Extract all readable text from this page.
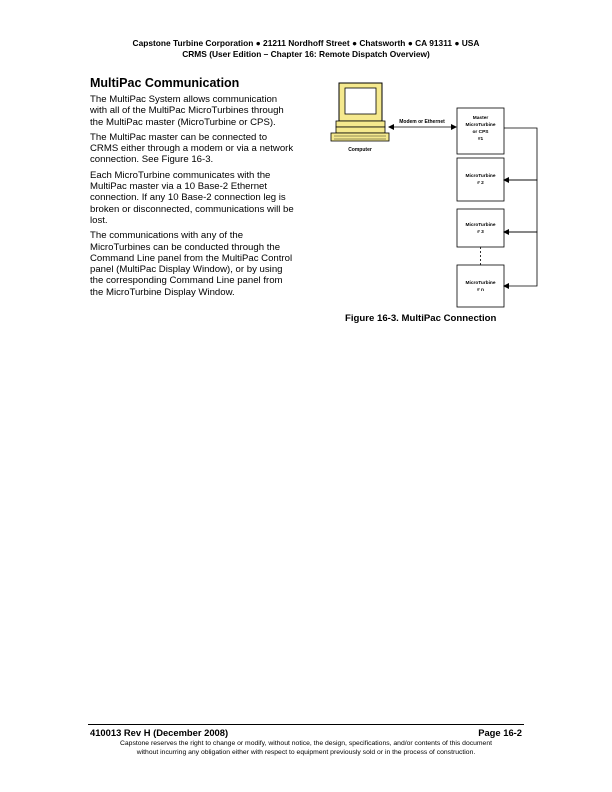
Capstone Turbine Corporation ● 21211 Nordhoff Street ● Chatsworth ● CA 91311 ● USA
CRMS (User Edition – Chapter 16: Remote Dispatch Overview)
MultiPac Communication

The MultiPac System allows communication with all of the MultiPac MicroTurbines through the MultiPac master (MicroTurbine or CPS).

The MultiPac master can be connected to CRMS either through a modem or via a network connection. See Figure 16-3.

Each MicroTurbine communicates with the MultiPac master via a 10 Base-2 Ethernet connection. If any 10 Base-2 connection leg is broken or disconnected, communications will be lost.

The communications with any of the MicroTurbines can be conducted through the Command Line panel from the MultiPac Control panel (MultiPac Display Window), or by using the corresponding Command Line panel from the MicroTurbine Display Window.

Computer
Modem or Ethernet
Master
MicroTurbine
or CPS
#1
MicroTurbine
# 2
MicroTurbine
# 3
MicroTurbine
# n
Figure 16-3. MultiPac Connection
410013 Rev H (December 2008)	Page 16-2
Capstone reserves the right to change or modify, without notice, the design, specifications, and/or contents of this document
without incurring any obligation either with respect to equipment previously sold or in the process of construction.
